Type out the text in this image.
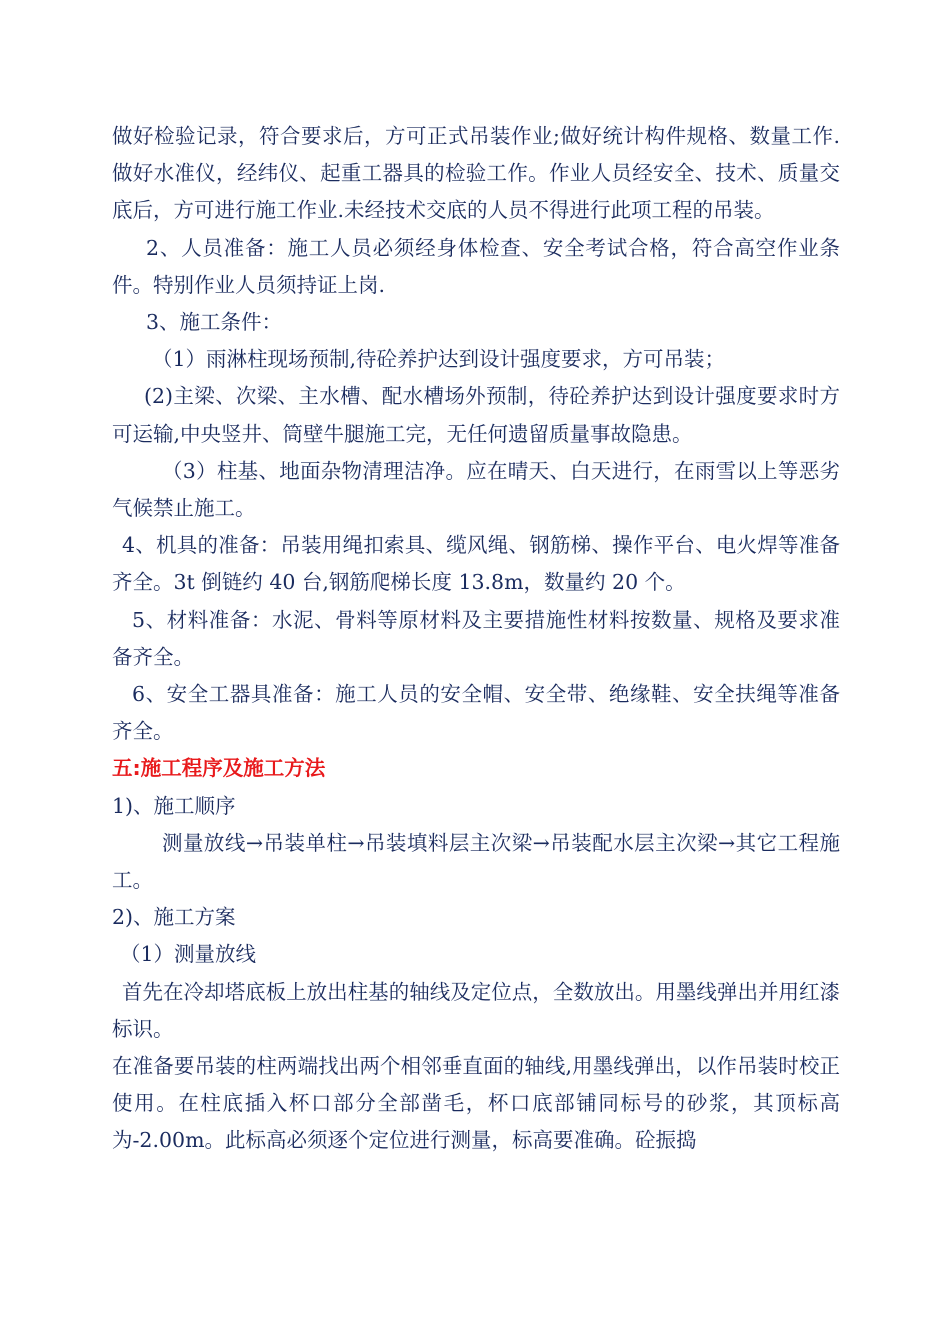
做好检验记录，符合要求后，方可正式吊装作业;做好统计构件规格、数量工作.做好水准仪，经纬仪、起重工器具的检验工作。作业人员经安全、技术、质量交底后，方可进行施工作业.未经技术交底的人员不得进行此项工程的吊装。

2、人员准备：施工人员必须经身体检查、安全考试合格，符合高空作业条件。特别作业人员须持证上岗.

3、施工条件：

（1）雨淋柱现场预制,待砼养护达到设计强度要求，方可吊装；

(2)主梁、次梁、主水槽、配水槽场外预制，待砼养护达到设计强度要求时方可运输,中央竖井、筒壁牛腿施工完，无任何遗留质量事故隐患。

（3）柱基、地面杂物清理洁净。应在晴天、白天进行，在雨雪以上等恶劣气候禁止施工。

4、机具的准备：吊装用绳扣索具、缆风绳、钢筋梯、操作平台、电火焊等准备齐全。3t 倒链约 40 台,钢筋爬梯长度 13.8m，数量约 20 个。

5、材料准备：水泥、骨料等原材料及主要措施性材料按数量、规格及要求准备齐全。

6、安全工器具准备：施工人员的安全帽、安全带、绝缘鞋、安全扶绳等准备齐全。

五:施工程序及施工方法

1)、施工顺序

测量放线→吊装单柱→吊装填料层主次梁→吊装配水层主次梁→其它工程施工。

2)、施工方案

（1）测量放线

首先在冷却塔底板上放出柱基的轴线及定位点，全数放出。用墨线弹出并用红漆标识。

在准备要吊装的柱两端找出两个相邻垂直面的轴线,用墨线弹出，以作吊装时校正使用。在柱底插入杯口部分全部凿毛，杯口底部铺同标号的砂浆，其顶标高为-2.00m。此标高必须逐个定位进行测量，标高要准确。砼振捣
